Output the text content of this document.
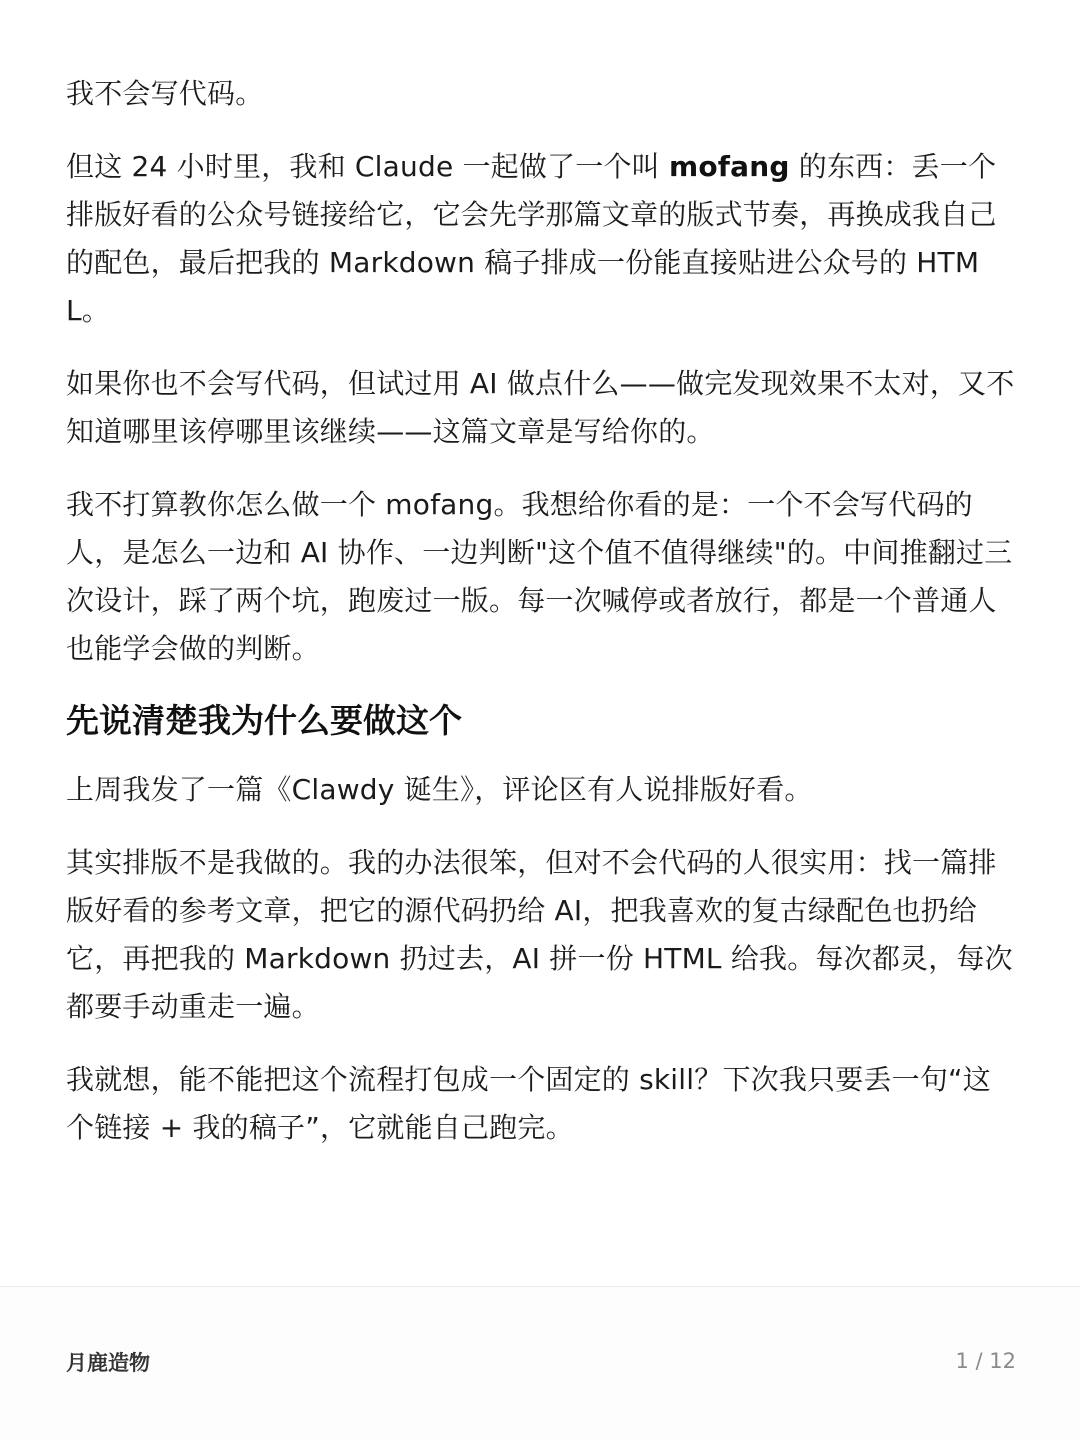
我不会写代码。

但这 24 小时里，我和 Claude 一起做了一个叫 mofang 的东西：丢一个排版好看的公众号链接给它，它会先学那篇文章的版式节奏，再换成我自己的配色，最后把我的 Markdown 稿子排成一份能直接贴进公众号的 HTML。

如果你也不会写代码，但试过用 AI 做点什么——做完发现效果不太对，又不知道哪里该停哪里该继续——这篇文章是写给你的。

我不打算教你怎么做一个 mofang。我想给你看的是：一个不会写代码的人，是怎么一边和 AI 协作、一边判断"这个值不值得继续"的。中间推翻过三次设计，踩了两个坑，跑废过一版。每一次喊停或者放行，都是一个普通人也能学会做的判断。

先说清楚我为什么要做这个

上周我发了一篇《Clawdy 诞生》，评论区有人说排版好看。

其实排版不是我做的。我的办法很笨，但对不会代码的人很实用：找一篇排版好看的参考文章，把它的源代码扔给 AI，把我喜欢的复古绿配色也扔给它，再把我的 Markdown 扔过去，AI 拼一份 HTML 给我。每次都灵，每次都要手动重走一遍。

我就想，能不能把这个流程打包成一个固定的 skill？下次我只要丢一句“这个链接 + 我的稿子”，它就能自己跑完。

月鹿造物	1 / 12
